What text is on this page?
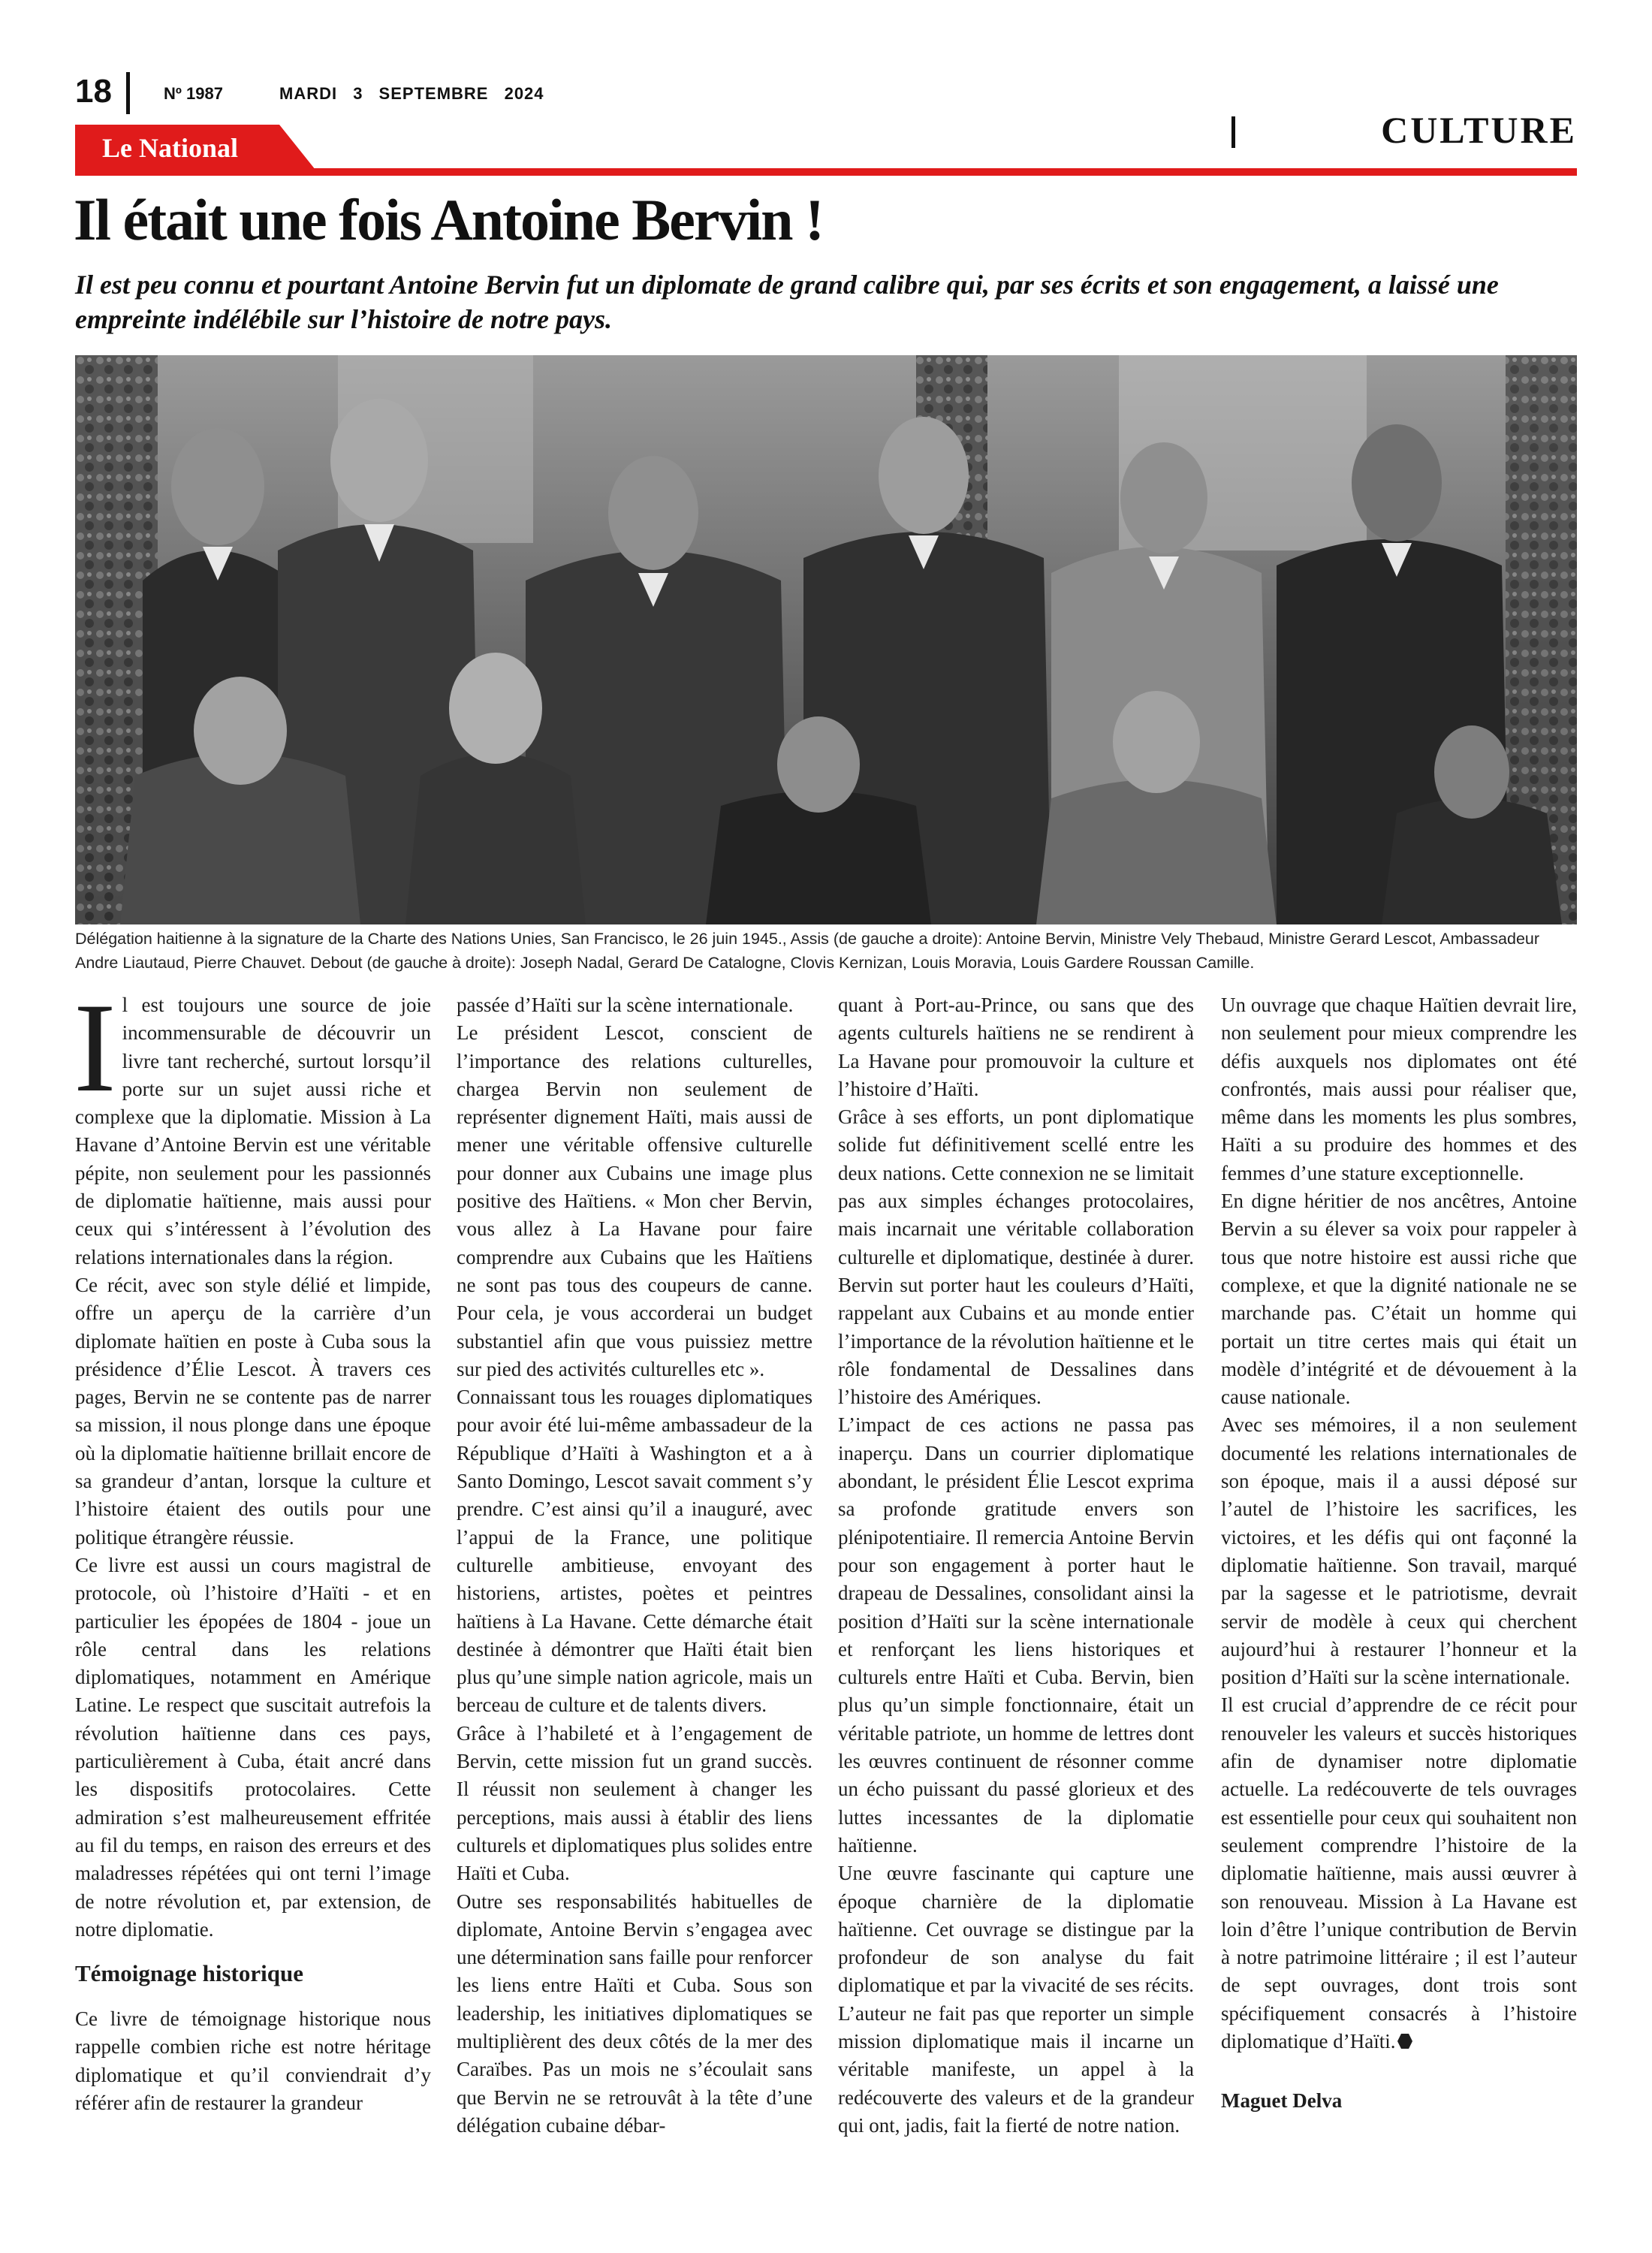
18	Nº 1987	MARDI 3 SEPTEMBRE 2024
CULTURE
Le National
Il était une fois Antoine Bervin !
Il est peu connu et pourtant Antoine Bervin fut un diplomate de grand calibre qui, par ses écrits et son engagement, a laissé une empreinte indélébile sur l’histoire de notre pays.
Délégation haitienne à la signature de la Charte des Nations Unies, San Francisco, le 26 juin 1945., Assis (de gauche a droite): Antoine Bervin, Ministre Vely Thebaud, Ministre Gerard Lescot, Ambassadeur Andre Liautaud, Pierre Chauvet. Debout (de gauche à droite): Joseph Nadal, Gerard De Catalogne, Clovis Kernizan, Louis Moravia, Louis Gardere Roussan Camille.

Il est toujours une source de joie incommensurable de découvrir un livre tant recherché, surtout lorsqu’il porte sur un sujet aussi riche et complexe que la diplomatie. Mission à La Havane d’Antoine Bervin est une véritable pépite, non seulement pour les passionnés de diplomatie haïtienne, mais aussi pour ceux qui s’intéressent à l’évolution des relations internationales dans la région.

Ce récit, avec son style délié et limpide, offre un aperçu de la carrière d’un diplomate haïtien en poste à Cuba sous la présidence d’Élie Lescot. À travers ces pages, Bervin ne se contente pas de narrer sa mission, il nous plonge dans une époque où la diplomatie haïtienne brillait encore de sa grandeur d’antan, lorsque la culture et l’histoire étaient des outils pour une politique étrangère réussie.

Ce livre est aussi un cours magistral de protocole, où l’histoire d’Haïti - et en particulier les épopées de 1804 - joue un rôle central dans les relations diplomatiques, notamment en Amérique Latine. Le respect que suscitait autrefois la révolution haïtienne dans ces pays, particulièrement à Cuba, était ancré dans les dispositifs protocolaires. Cette admiration s’est malheureusement effritée au fil du temps, en raison des erreurs et des maladresses répétées qui ont terni l’image de notre révolution et, par extension, de notre diplomatie.

Témoignage historique

Ce livre de témoignage historique nous rappelle combien riche est notre héritage diplomatique et qu’il conviendrait d’y référer afin de restaurer la grandeur

passée d’Haïti sur la scène internationale.

Le président Lescot, conscient de l’importance des relations culturelles, chargea Bervin non seulement de représenter dignement Haïti, mais aussi de mener une véritable offensive culturelle pour donner aux Cubains une image plus positive des Haïtiens. « Mon cher Bervin, vous allez à La Havane pour faire comprendre aux Cubains que les Haïtiens ne sont pas tous des coupeurs de canne. Pour cela, je vous accorderai un budget substantiel afin que vous puissiez mettre sur pied des activités culturelles etc ».

Connaissant tous les rouages diplomatiques pour avoir été lui-même ambassadeur de la République d’Haïti à Washington et a à Santo Domingo, Lescot savait comment s’y prendre. C’est ainsi qu’il a inauguré, avec l’appui de la France, une politique culturelle ambitieuse, envoyant des historiens, artistes, poètes et peintres haïtiens à La Havane. Cette démarche était destinée à démontrer que Haïti était bien plus qu’une simple nation agricole, mais un berceau de culture et de talents divers.

Grâce à l’habileté et à l’engagement de Bervin, cette mission fut un grand succès. Il réussit non seulement à changer les perceptions, mais aussi à établir des liens culturels et diplomatiques plus solides entre Haïti et Cuba.

Outre ses responsabilités habituelles de diplomate, Antoine Bervin s’engagea avec une détermination sans faille pour renforcer les liens entre Haïti et Cuba. Sous son leadership, les initiatives diplomatiques se multiplièrent des deux côtés de la mer des Caraïbes. Pas un mois ne s’écoulait sans que Bervin ne se retrouvât à la tête d’une délégation cubaine débar-

quant à Port-au-Prince, ou sans que des agents culturels haïtiens ne se rendirent à La Havane pour promouvoir la culture et l’histoire d’Haïti.

Grâce à ses efforts, un pont diplomatique solide fut définitivement scellé entre les deux nations. Cette connexion ne se limitait pas aux simples échanges protocolaires, mais incarnait une véritable collaboration culturelle et diplomatique, destinée à durer. Bervin sut porter haut les couleurs d’Haïti, rappelant aux Cubains et au monde entier l’importance de la révolution haïtienne et le rôle fondamental de Dessalines dans l’histoire des Amériques.

L’impact de ces actions ne passa pas inaperçu. Dans un courrier diplomatique abondant, le président Élie Lescot exprima sa profonde gratitude envers son plénipotentiaire. Il remercia Antoine Bervin pour son engagement à porter haut le drapeau de Dessalines, consolidant ainsi la position d’Haïti sur la scène internationale et renforçant les liens historiques et culturels entre Haïti et Cuba. Bervin, bien plus qu’un simple fonctionnaire, était un véritable patriote, un homme de lettres dont les œuvres continuent de résonner comme un écho puissant du passé glorieux et des luttes incessantes de la diplomatie haïtienne.

Une œuvre fascinante qui capture une époque charnière de la diplomatie haïtienne. Cet ouvrage se distingue par la profondeur de son analyse du fait diplomatique et par la vivacité de ses récits. L’auteur ne fait pas que reporter un simple mission diplomatique mais il incarne un véritable manifeste, un appel à la redécouverte des valeurs et de la grandeur qui ont, jadis, fait la fierté de notre nation.

Un ouvrage que chaque Haïtien devrait lire, non seulement pour mieux comprendre les défis auxquels nos diplomates ont été confrontés, mais aussi pour réaliser que, même dans les moments les plus sombres, Haïti a su produire des hommes et des femmes d’une stature exceptionnelle.

En digne héritier de nos ancêtres, Antoine Bervin a su élever sa voix pour rappeler à tous que notre histoire est aussi riche que complexe, et que la dignité nationale ne se marchande pas. C’était un homme qui portait un titre certes mais qui était un modèle d’intégrité et de dévouement à la cause nationale.

Avec ses mémoires, il a non seulement documenté les relations internationales de son époque, mais il a aussi déposé sur l’autel de l’histoire les sacrifices, les victoires, et les défis qui ont façonné la diplomatie haïtienne. Son travail, marqué par la sagesse et le patriotisme, devrait servir de modèle à ceux qui cherchent aujourd’hui à restaurer l’honneur et la position d’Haïti sur la scène internationale.

Il est crucial d’apprendre de ce récit pour renouveler les valeurs et succès historiques afin de dynamiser notre diplomatie actuelle. La redécouverte de tels ouvrages est essentielle pour ceux qui souhaitent non seulement comprendre l’histoire de la diplomatie haïtienne, mais aussi œuvrer à son renouveau. Mission à La Havane est loin d’être l’unique contribution de Bervin à notre patrimoine littéraire ; il est l’auteur de sept ouvrages, dont trois sont spécifiquement consacrés à l’histoire diplomatique d’Haïti.

Maguet Delva
